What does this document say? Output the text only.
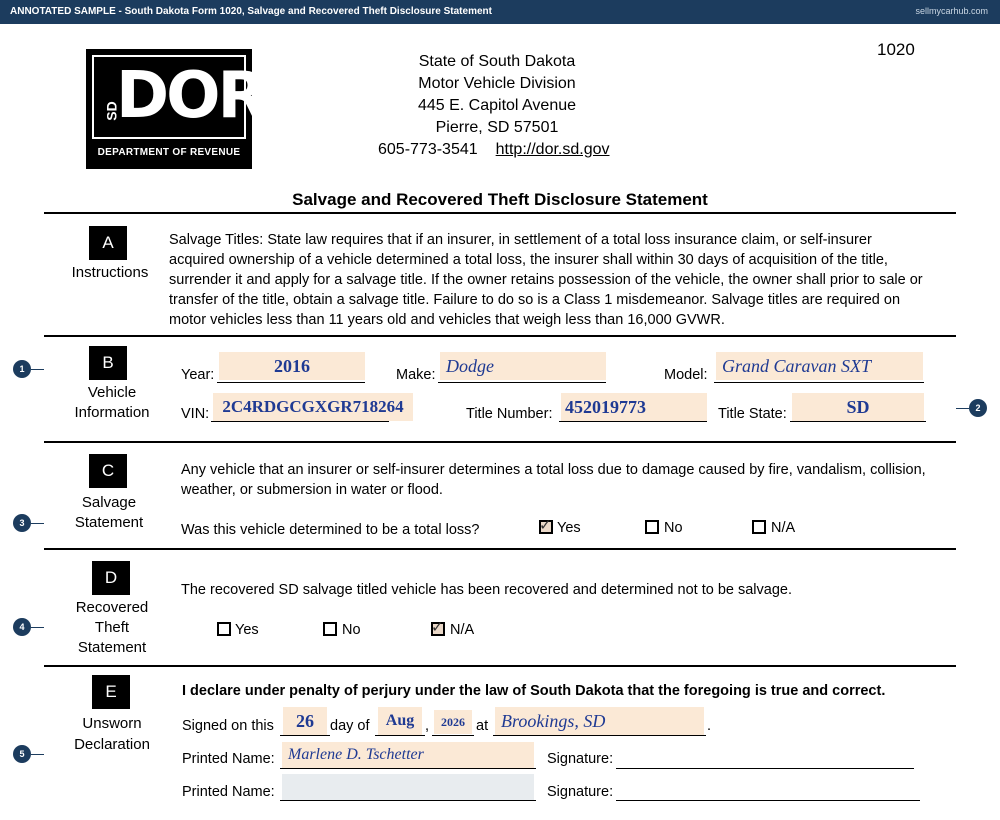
ANNOTATED SAMPLE - South Dakota Form 1020, Salvage and Recovered Theft Disclosure Statement	sellmycarhub.com
1020
SD
DOR
DEPARTMENT OF REVENUE
State of South Dakota
Motor Vehicle Division
445 E. Capitol Avenue
Pierre, SD 57501
605-773-3541 http://dor.sd.gov
Salvage and Recovered Theft Disclosure Statement
A
Instructions
Salvage Titles: State law requires that if an insurer, in settlement of a total loss insurance claim, or self-insurer acquired ownership of a vehicle determined a total loss, the insurer shall within 30 days of acquisition of the title, surrender it and apply for a salvage title. If the owner retains possession of the vehicle, the owner shall prior to sale or transfer of the title, obtain a salvage title. Failure to do so is a Class 1 misdemeanor. Salvage titles are required on motor vehicles less than 11 years old and vehicles that weigh less than 16,000 GVWR.
B
Vehicle
Information
Year:	2016	Make: Dodge	Model: Grand Caravan SXT
VIN: 2C4RDGCGXGR718264	Title Number: 452019773	Title State:	SD
C
Salvage
Statement
Any vehicle that an insurer or self-insurer determines a total loss due to damage caused by fire, vandalism, collision, weather, or submersion in water or flood.
Was this vehicle determined to be a total loss?	✓ Yes	No	N/A
D
Recovered
Theft
Statement
The recovered SD salvage titled vehicle has been recovered and determined not to be salvage.
Yes	No	✓ N/A
E
Unsworn
Declaration
I declare under penalty of perjury under the law of South Dakota that the foregoing is true and correct.
Signed on this	26	day of	Aug , 2026 at Brookings, SD	.
Printed Name: Marlene D. Tschetter	Signature:
Printed Name:	Signature:
1
2
3
4
5
